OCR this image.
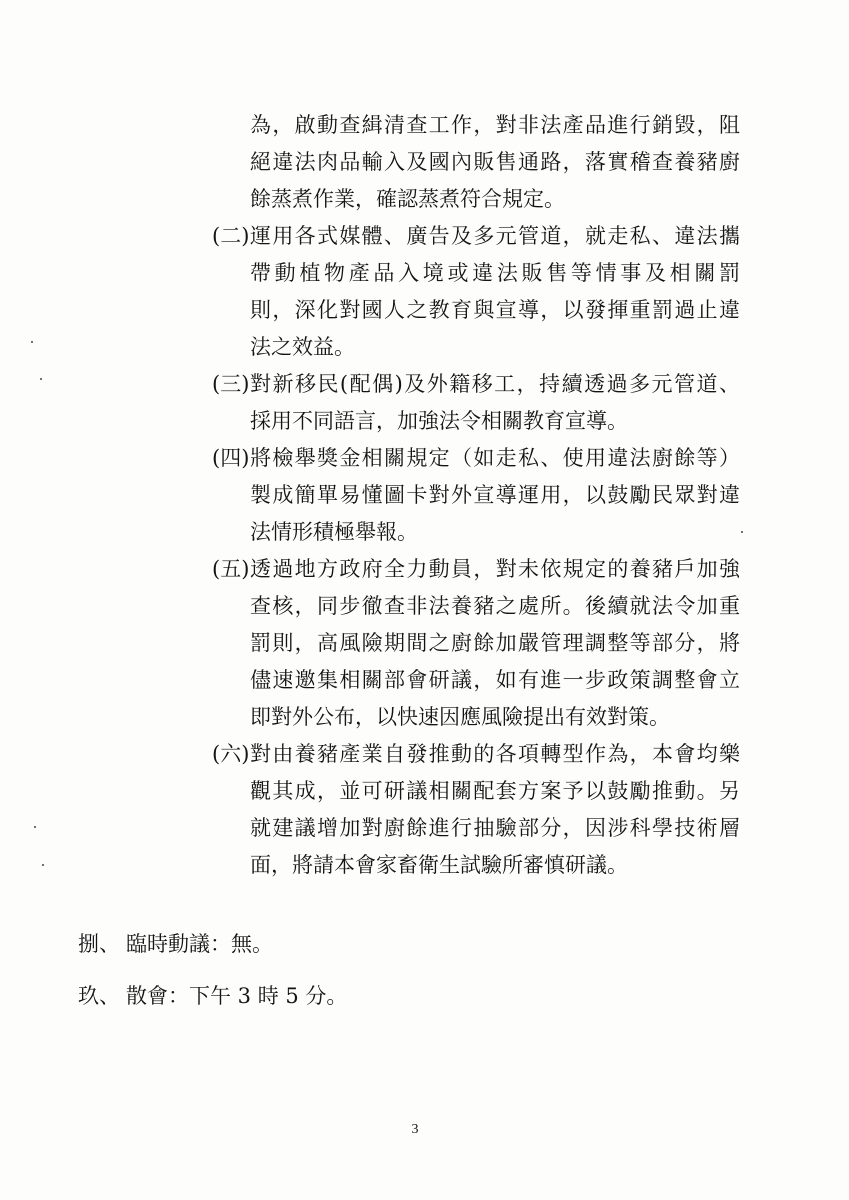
為，啟動查緝清查工作，對非法產品進行銷毀，阻
絕違法肉品輸入及國內販售通路，落實稽查養豬廚
餘蒸煮作業，確認蒸煮符合規定。
(二) 運用各式媒體、廣告及多元管道，就走私、違法攜
帶動植物產品入境或違法販售等情事及相關罰
則，深化對國人之教育與宣導，以發揮重罰過止違
法之效益。
(三) 對新移民(配偶)及外籍移工，持續透過多元管道、
採用不同語言，加強法令相關教育宣導。
(四) 將檢舉獎金相關規定（如走私、使用違法廚餘等）
製成簡單易懂圖卡對外宣導運用，以鼓勵民眾對違
法情形積極舉報。
(五) 透過地方政府全力動員，對未依規定的養豬戶加強
查核，同步徹查非法養豬之處所。後續就法令加重
罰則，高風險期間之廚餘加嚴管理調整等部分，將
儘速邀集相關部會研議，如有進一步政策調整會立
即對外公布，以快速因應風險提出有效對策。
(六) 對由養豬產業自發推動的各項轉型作為，本會均樂
觀其成，並可研議相關配套方案予以鼓勵推動。另
就建議增加對廚餘進行抽驗部分，因涉科學技術層
面，將請本會家畜衛生試驗所審慎研議。
捌、 臨時動議：無。
玖、 散會：下午 3 時 5 分。
3
